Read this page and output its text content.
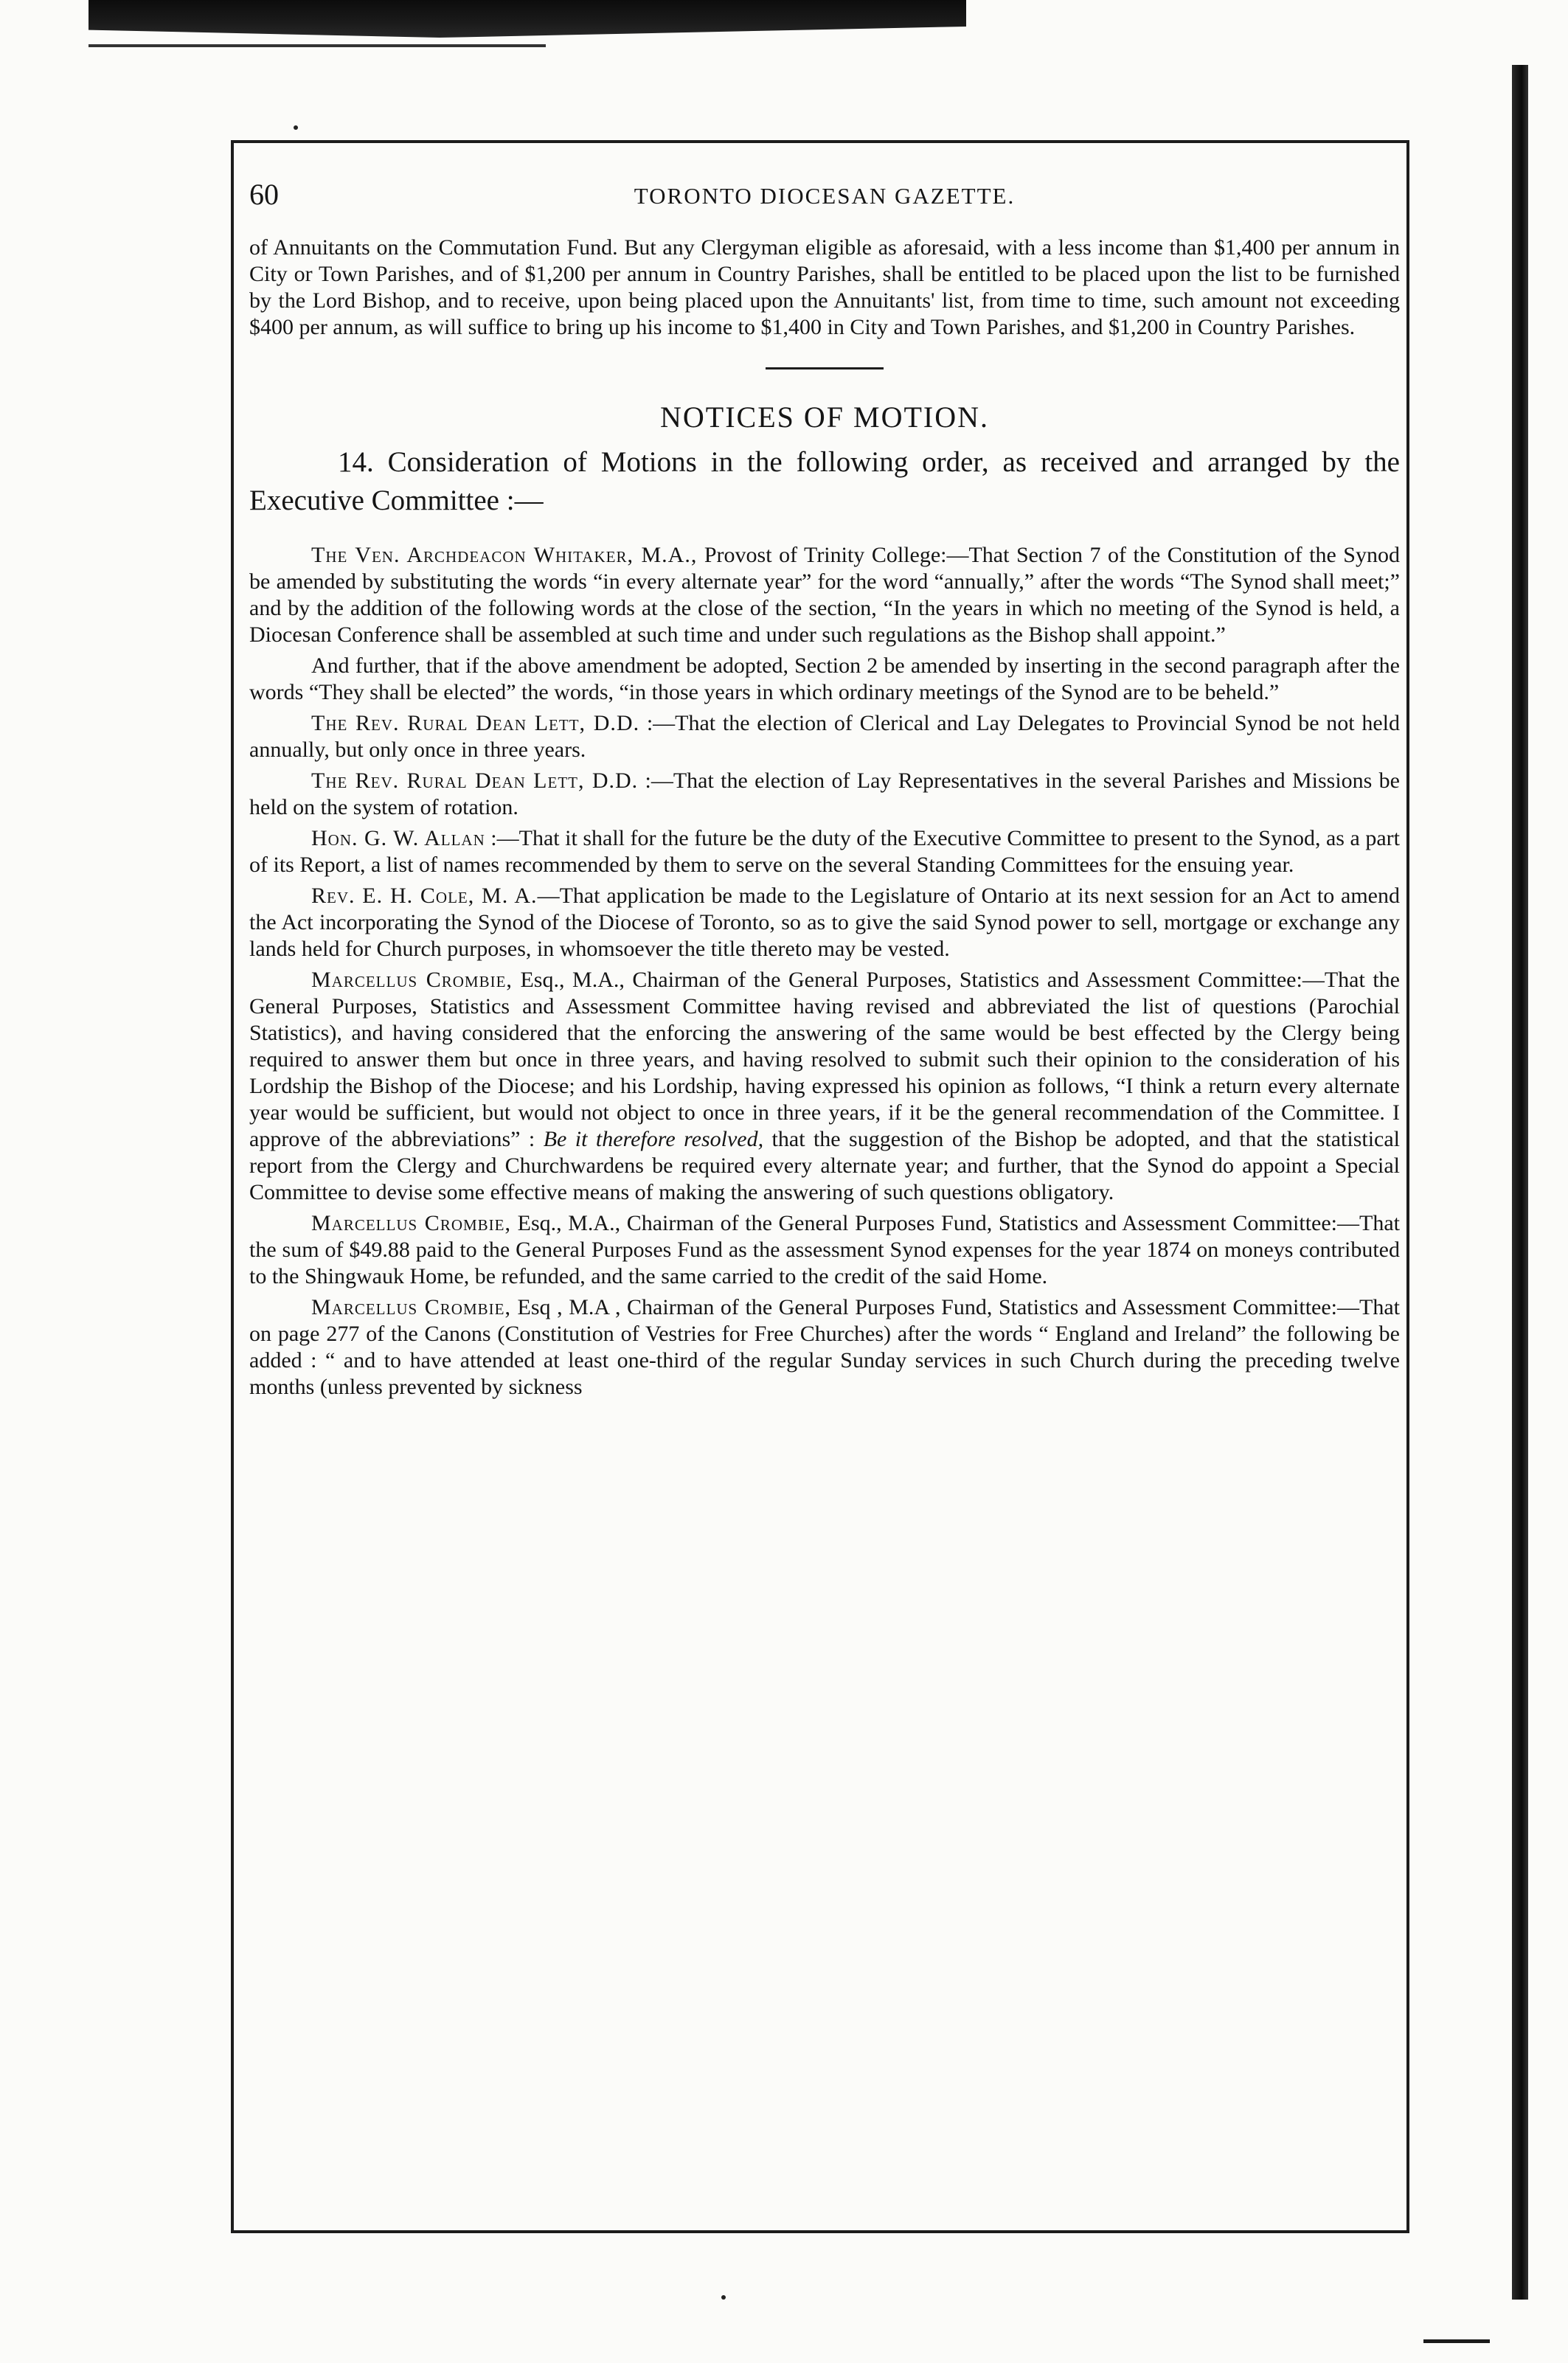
60	TORONTO DIOCESAN GAZETTE.

of Annuitants on the Commutation Fund. But any Clergyman eligible as aforesaid, with a less income than $1,400 per annum in City or Town Parishes, and of $1,200 per annum in Country Parishes, shall be entitled to be placed upon the list to be furnished by the Lord Bishop, and to receive, upon being placed upon the Annuitants' list, from time to time, such amount not exceeding $400 per annum, as will suffice to bring up his income to $1,400 in City and Town Parishes, and $1,200 in Country Parishes.

NOTICES OF MOTION.
14. Consideration of Motions in the following order, as received and arranged by the Executive Committee :—

The Ven. Archdeacon Whitaker, M.A., Provost of Trinity College:—That Section 7 of the Constitution of the Synod be amended by substituting the words “in every alternate year” for the word “annually,” after the words “The Synod shall meet;” and by the addition of the following words at the close of the section, “In the years in which no meeting of the Synod is held, a Diocesan Conference shall be assembled at such time and under such regulations as the Bishop shall appoint.”

And further, that if the above amendment be adopted, Section 2 be amended by inserting in the second paragraph after the words “They shall be elected” the words, “in those years in which ordinary meetings of the Synod are to be beheld.”

The Rev. Rural Dean Lett, D.D. :—That the election of Clerical and Lay Delegates to Provincial Synod be not held annually, but only once in three years.

The Rev. Rural Dean Lett, D.D. :—That the election of Lay Representatives in the several Parishes and Missions be held on the system of rotation.

Hon. G. W. Allan :—That it shall for the future be the duty of the Executive Committee to present to the Synod, as a part of its Report, a list of names recommended by them to serve on the several Standing Committees for the ensuing year.

Rev. E. H. Cole, M. A.—That application be made to the Legislature of Ontario at its next session for an Act to amend the Act incorporating the Synod of the Diocese of Toronto, so as to give the said Synod power to sell, mortgage or exchange any lands held for Church purposes, in whomsoever the title thereto may be vested.

Marcellus Crombie, Esq., M.A., Chairman of the General Purposes, Statistics and Assessment Committee:—That the General Purposes, Statistics and Assessment Committee having revised and abbreviated the list of questions (Parochial Statistics), and having considered that the enforcing the answering of the same would be best effected by the Clergy being required to answer them but once in three years, and having resolved to submit such their opinion to the consideration of his Lordship the Bishop of the Diocese; and his Lordship, having expressed his opinion as follows, “I think a return every alternate year would be sufficient, but would not object to once in three years, if it be the general recommendation of the Committee. I approve of the abbreviations” : Be it therefore resolved, that the suggestion of the Bishop be adopted, and that the statistical report from the Clergy and Churchwardens be required every alternate year; and further, that the Synod do appoint a Special Committee to devise some effective means of making the answering of such questions obligatory.

Marcellus Crombie, Esq., M.A., Chairman of the General Purposes Fund, Statistics and Assessment Committee:—That the sum of $49.88 paid to the General Purposes Fund as the assessment Synod expenses for the year 1874 on moneys contributed to the Shingwauk Home, be refunded, and the same carried to the credit of the said Home.

Marcellus Crombie, Esq , M.A , Chairman of the General Purposes Fund, Statistics and Assessment Committee:—That on page 277 of the Canons (Constitution of Vestries for Free Churches) after the words “ England and Ireland” the following be added : “ and to have attended at least one-third of the regular Sunday services in such Church during the preceding twelve months (unless prevented by sickness
